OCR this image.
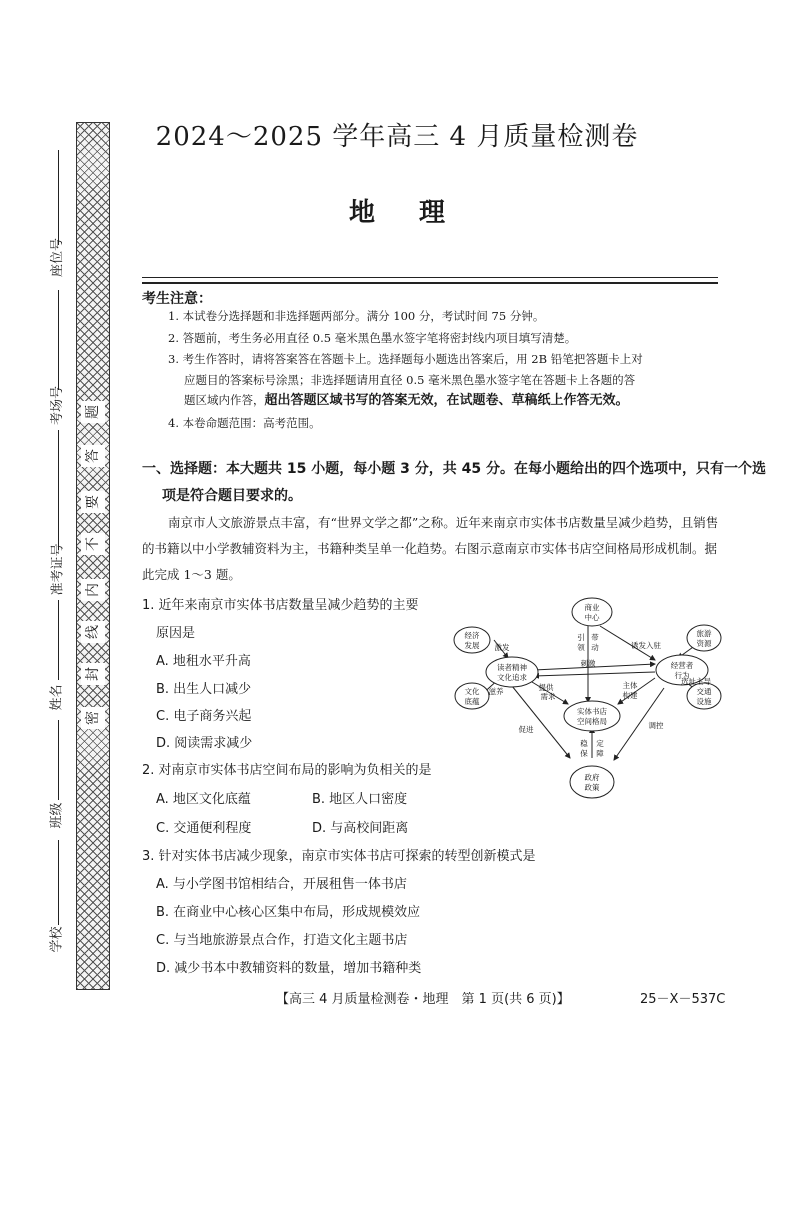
题
答
要
不
内
线
封
密
座位号
考场号
准考证号
姓名
班级
学校
2024～2025 学年高三 4 月质量检测卷
地 理
考生注意：
1. 本试卷分选择题和非选择题两部分。满分 100 分，考试时间 75 分钟。
2. 答题前，考生务必用直径 0.5 毫米黑色墨水签字笔将密封线内项目填写清楚。
3. 考生作答时，请将答案答在答题卡上。选择题每小题选出答案后，用 2B 铅笔把答题卡上对
应题目的答案标号涂黑；非选择题请用直径 0.5 毫米黑色墨水签字笔在答题卡上各题的答
题区域内作答，超出答题区域书写的答案无效，在试题卷、草稿纸上作答无效。
4. 本卷命题范围：高考范围。
一、选择题：本大题共 15 小题，每小题 3 分，共 45 分。在每小题给出的四个选项中，只有一个选
项是符合题目要求的。
南京市人文旅游景点丰富，有“世界文学之都”之称。近年来南京市实体书店数量呈减少趋势，且销售的书籍以中小学教辅资料为主，书籍种类呈单一化趋势。右图示意南京市实体书店空间格局形成机制。据此完成 1～3 题。
1. 近年来南京市实体书店数量呈减少趋势的主要
原因是
A. 地租水平升高
B. 出生人口减少
C. 电子商务兴起
D. 阅读需求减少
2. 对南京市实体书店空间布局的影响为负相关的是
A. 地区文化底蕴	B. 地区人口密度
C. 交通便利程度	D. 与高校间距离
3. 针对实体书店减少现象，南京市实体书店可探索的转型创新模式是
A. 与小学图书馆相结合，开展租售一体书店
B. 在商业中心核心区集中布局，形成规模效应
C. 与当地旅游景点合作，打造文化主题书店
D. 减少书本中教辅资料的数量，增加书籍种类
商业
中心
经济
发展
读者精神
文化追求
经营者
行为
旅游
资源
文化
底蕴
实体书店
空间格局
交通
设施
政府
政策
激发
滋养
引
领
带
动
刺激
诱发入驻
选址主导
提供
需求
主体
构建
促进	调控
稳
保
定
障
【高三 4 月质量检测卷・地理　第 1 页(共 6 页)】	25－X－537C
